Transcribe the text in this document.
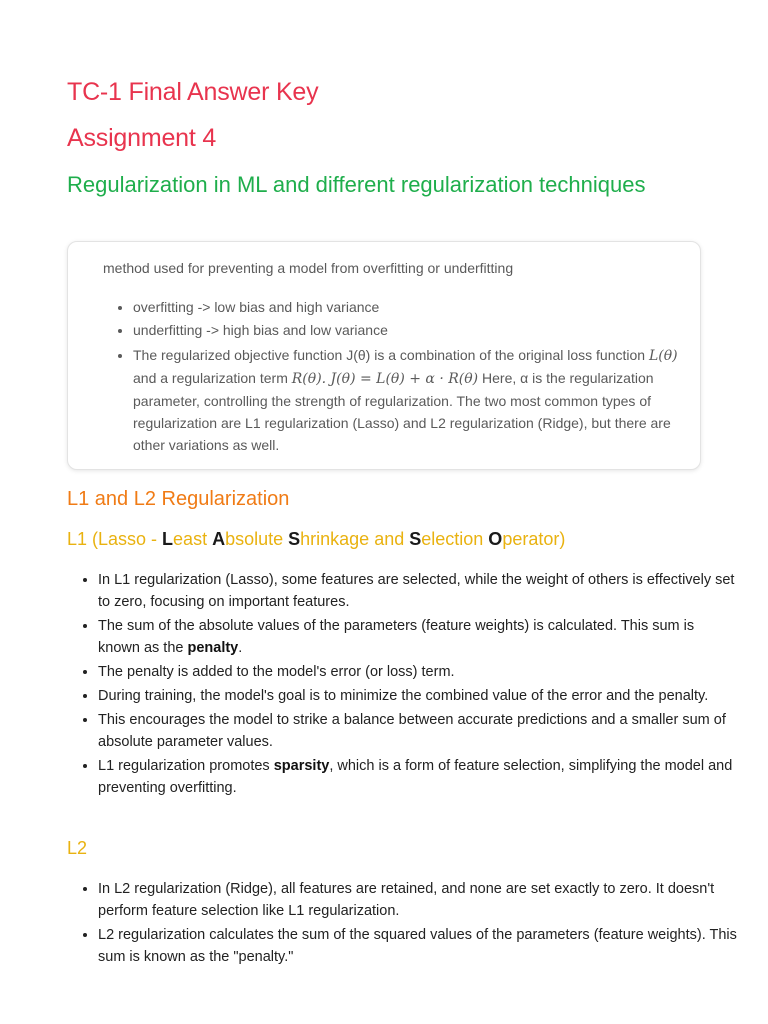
TC-1 Final Answer Key
Assignment 4
Regularization in ML and different regularization techniques

method used for preventing a model from overfitting or underfitting

• overfitting -> low bias and high variance
• underfitting -> high bias and low variance
• The regularized objective function J(θ) is a combination of the original loss function L(θ) and a regularization term R(θ). J(θ) = L(θ) + α · R(θ) Here, α is the regularization parameter, controlling the strength of regularization. The two most common types of regularization are L1 regularization (Lasso) and L2 regularization (Ridge), but there are other variations as well.
L1 and L2 Regularization
L1 (Lasso - Least Absolute Shrinkage and Selection Operator)
• In L1 regularization (Lasso), some features are selected, while the weight of others is effectively set to zero, focusing on important features.
• The sum of the absolute values of the parameters (feature weights) is calculated. This sum is known as the penalty.
• The penalty is added to the model's error (or loss) term.
• During training, the model's goal is to minimize the combined value of the error and the penalty.
• This encourages the model to strike a balance between accurate predictions and a smaller sum of absolute parameter values.
• L1 regularization promotes sparsity, which is a form of feature selection, simplifying the model and preventing overfitting.
L2
• In L2 regularization (Ridge), all features are retained, and none are set exactly to zero. It doesn't perform feature selection like L1 regularization.
• L2 regularization calculates the sum of the squared values of the parameters (feature weights). This sum is known as the "penalty."
